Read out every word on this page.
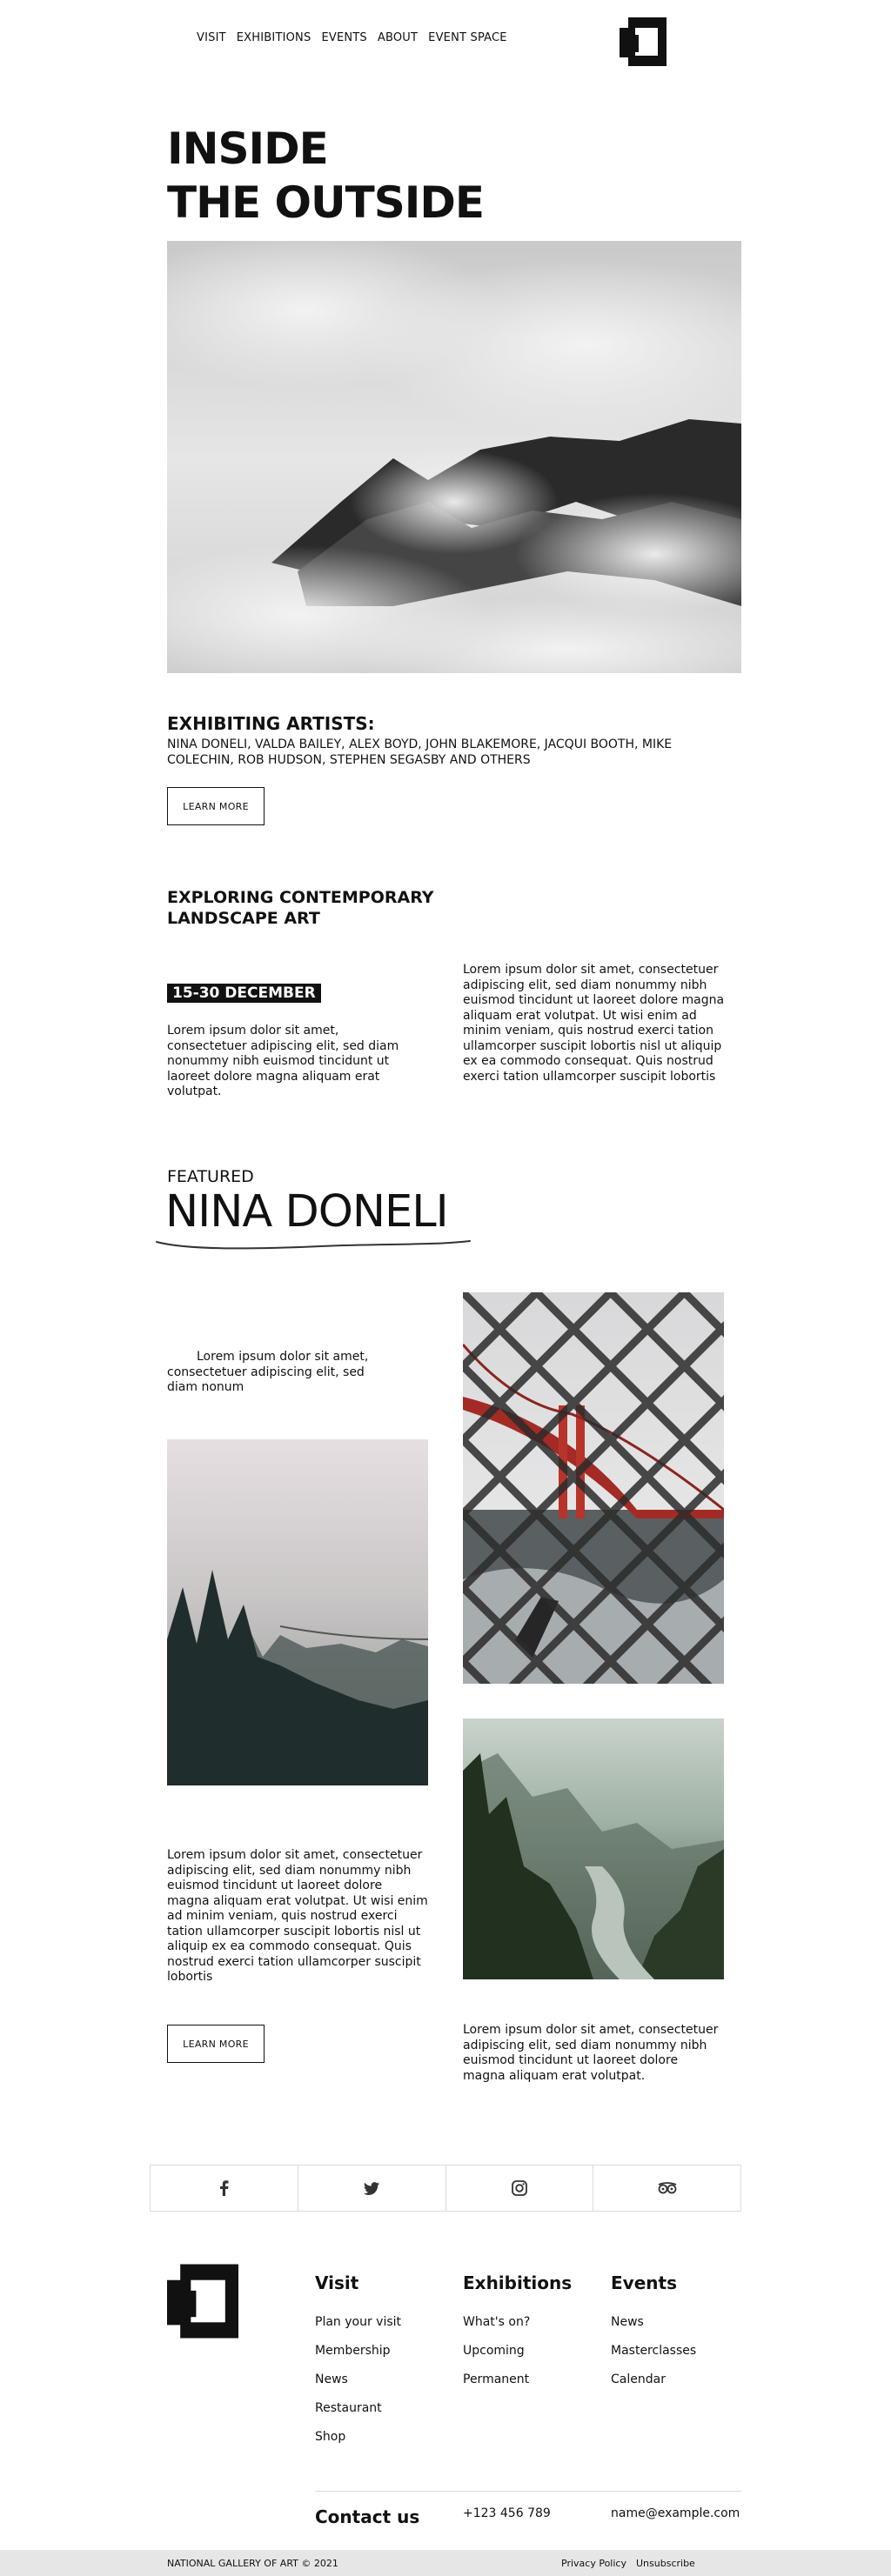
VISIT EXHIBITIONS EVENTS ABOUT EVENT SPACE
INSIDE
THE OUTSIDE
EXHIBITING ARTISTS:
NINA DONELI, VALDA BAILEY, ALEX BOYD, JOHN BLAKEMORE, JACQUI BOOTH, MIKE COLECHIN, ROB HUDSON, STEPHEN SEGASBY AND OTHERS
LEARN MORE
EXPLORING CONTEMPORARY LANDSCAPE ART
15-30 DECEMBER
Lorem ipsum dolor sit amet, consectetuer adipiscing elit, sed diam nonummy nibh euismod tincidunt ut laoreet dolore magna aliquam erat volutpat.
Lorem ipsum dolor sit amet, consectetuer adipiscing elit, sed diam nonummy nibh euismod tincidunt ut laoreet dolore magna aliquam erat volutpat. Ut wisi enim ad minim veniam, quis nostrud exerci tation ullamcorper suscipit lobortis nisl ut aliquip ex ea commodo consequat. Quis nostrud exerci tation ullamcorper suscipit lobortis
FEATURED
NINA DONELI
Lorem ipsum dolor sit amet, consectetuer adipiscing elit, sed diam nonum
Lorem ipsum dolor sit amet, consectetuer adipiscing elit, sed diam nonummy nibh euismod tincidunt ut laoreet dolore magna aliquam erat volutpat. Ut wisi enim ad minim veniam, quis nostrud exerci tation ullamcorper suscipit lobortis nisl ut aliquip ex ea commodo consequat. Quis nostrud exerci tation ullamcorper suscipit lobortis
LEARN MORE
Lorem ipsum dolor sit amet, consectetuer adipiscing elit, sed diam nonummy nibh euismod tincidunt ut laoreet dolore magna aliquam erat volutpat.
Visit
Plan your visit
Membership
News
Restaurant
Shop
Exhibitions
What's on?
Upcoming
Permanent
Events
News
Masterclasses
Calendar
Contact us	+123 456 789	name@example.com
NATIONAL GALLERY OF ART © 2021	Privacy Policy Unsubscribe
